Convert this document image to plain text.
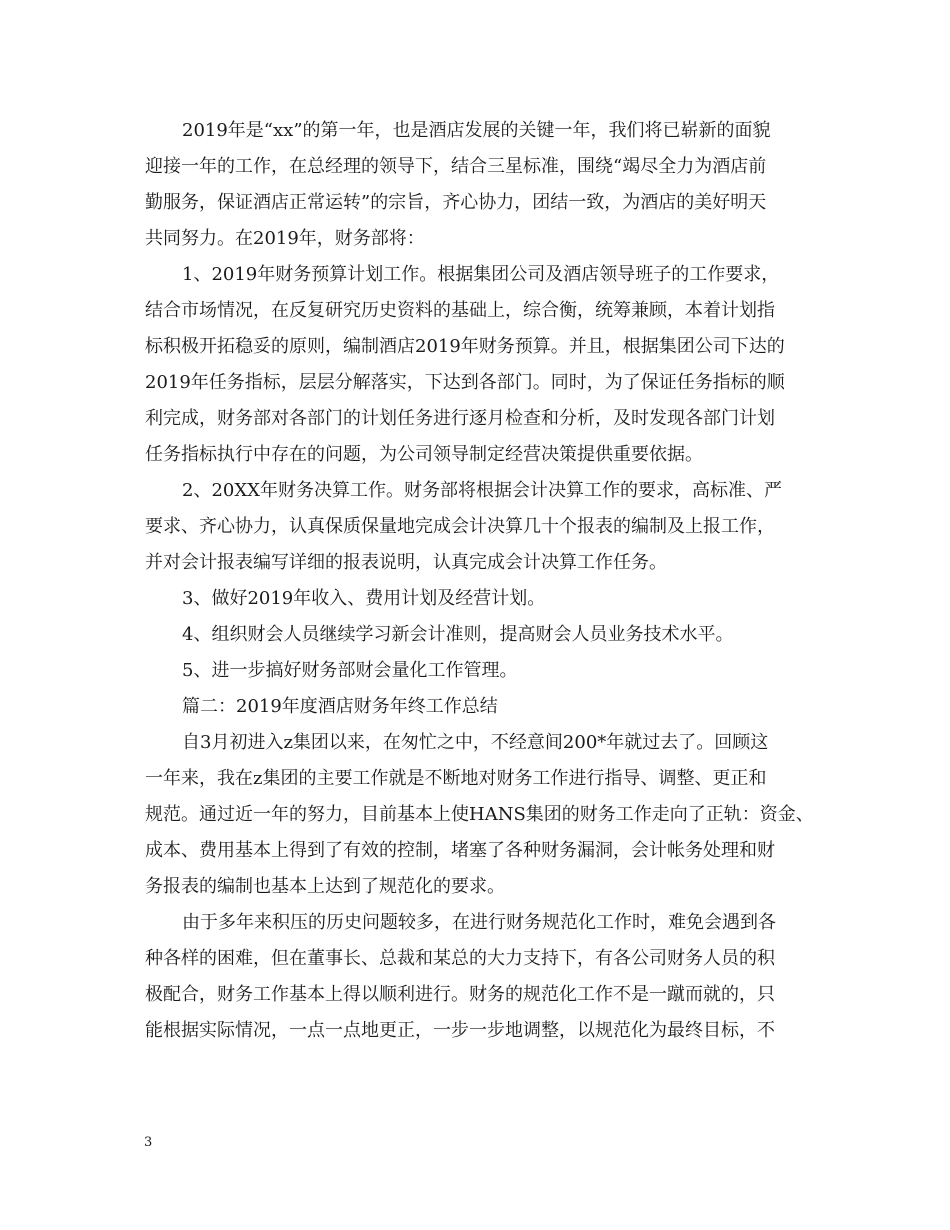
2019年是“xx”的第一年，也是酒店发展的关键一年，我们将已崭新的面貌
迎接一年的工作，在总经理的领导下，结合三星标准，围绕“竭尽全力为酒店前
勤服务，保证酒店正常运转”的宗旨，齐心协力，团结一致，为酒店的美好明天
共同努力。在2019年，财务部将：
1、2019年财务预算计划工作。根据集团公司及酒店领导班子的工作要求，
结合市场情况，在反复研究历史资料的基础上，综合衡，统筹兼顾，本着计划指
标积极开拓稳妥的原则，编制酒店2019年财务预算。并且，根据集团公司下达的
2019年任务指标，层层分解落实，下达到各部门。同时，为了保证任务指标的顺
利完成，财务部对各部门的计划任务进行逐月检查和分析，及时发现各部门计划
任务指标执行中存在的问题，为公司领导制定经营决策提供重要依据。
2、20XX年财务决算工作。财务部将根据会计决算工作的要求，高标准、严
要求、齐心协力，认真保质保量地完成会计决算几十个报表的编制及上报工作，
并对会计报表编写详细的报表说明，认真完成会计决算工作任务。
3、做好2019年收入、费用计划及经营计划。
4、组织财会人员继续学习新会计准则，提高财会人员业务技术水平。
5、进一步搞好财务部财会量化工作管理。
篇二：2019年度酒店财务年终工作总结
自3月初进入z集团以来，在匆忙之中，不经意间200*年就过去了。回顾这
一年来，我在z集团的主要工作就是不断地对财务工作进行指导、调整、更正和
规范。通过近一年的努力，目前基本上使HANS集团的财务工作走向了正轨：资金、
成本、费用基本上得到了有效的控制，堵塞了各种财务漏洞，会计帐务处理和财
务报表的编制也基本上达到了规范化的要求。
由于多年来积压的历史问题较多，在进行财务规范化工作时，难免会遇到各
种各样的困难，但在董事长、总裁和某总的大力支持下，有各公司财务人员的积
极配合，财务工作基本上得以顺利进行。财务的规范化工作不是一蹴而就的，只
能根据实际情况，一点一点地更正，一步一步地调整，以规范化为最终目标，不
3
